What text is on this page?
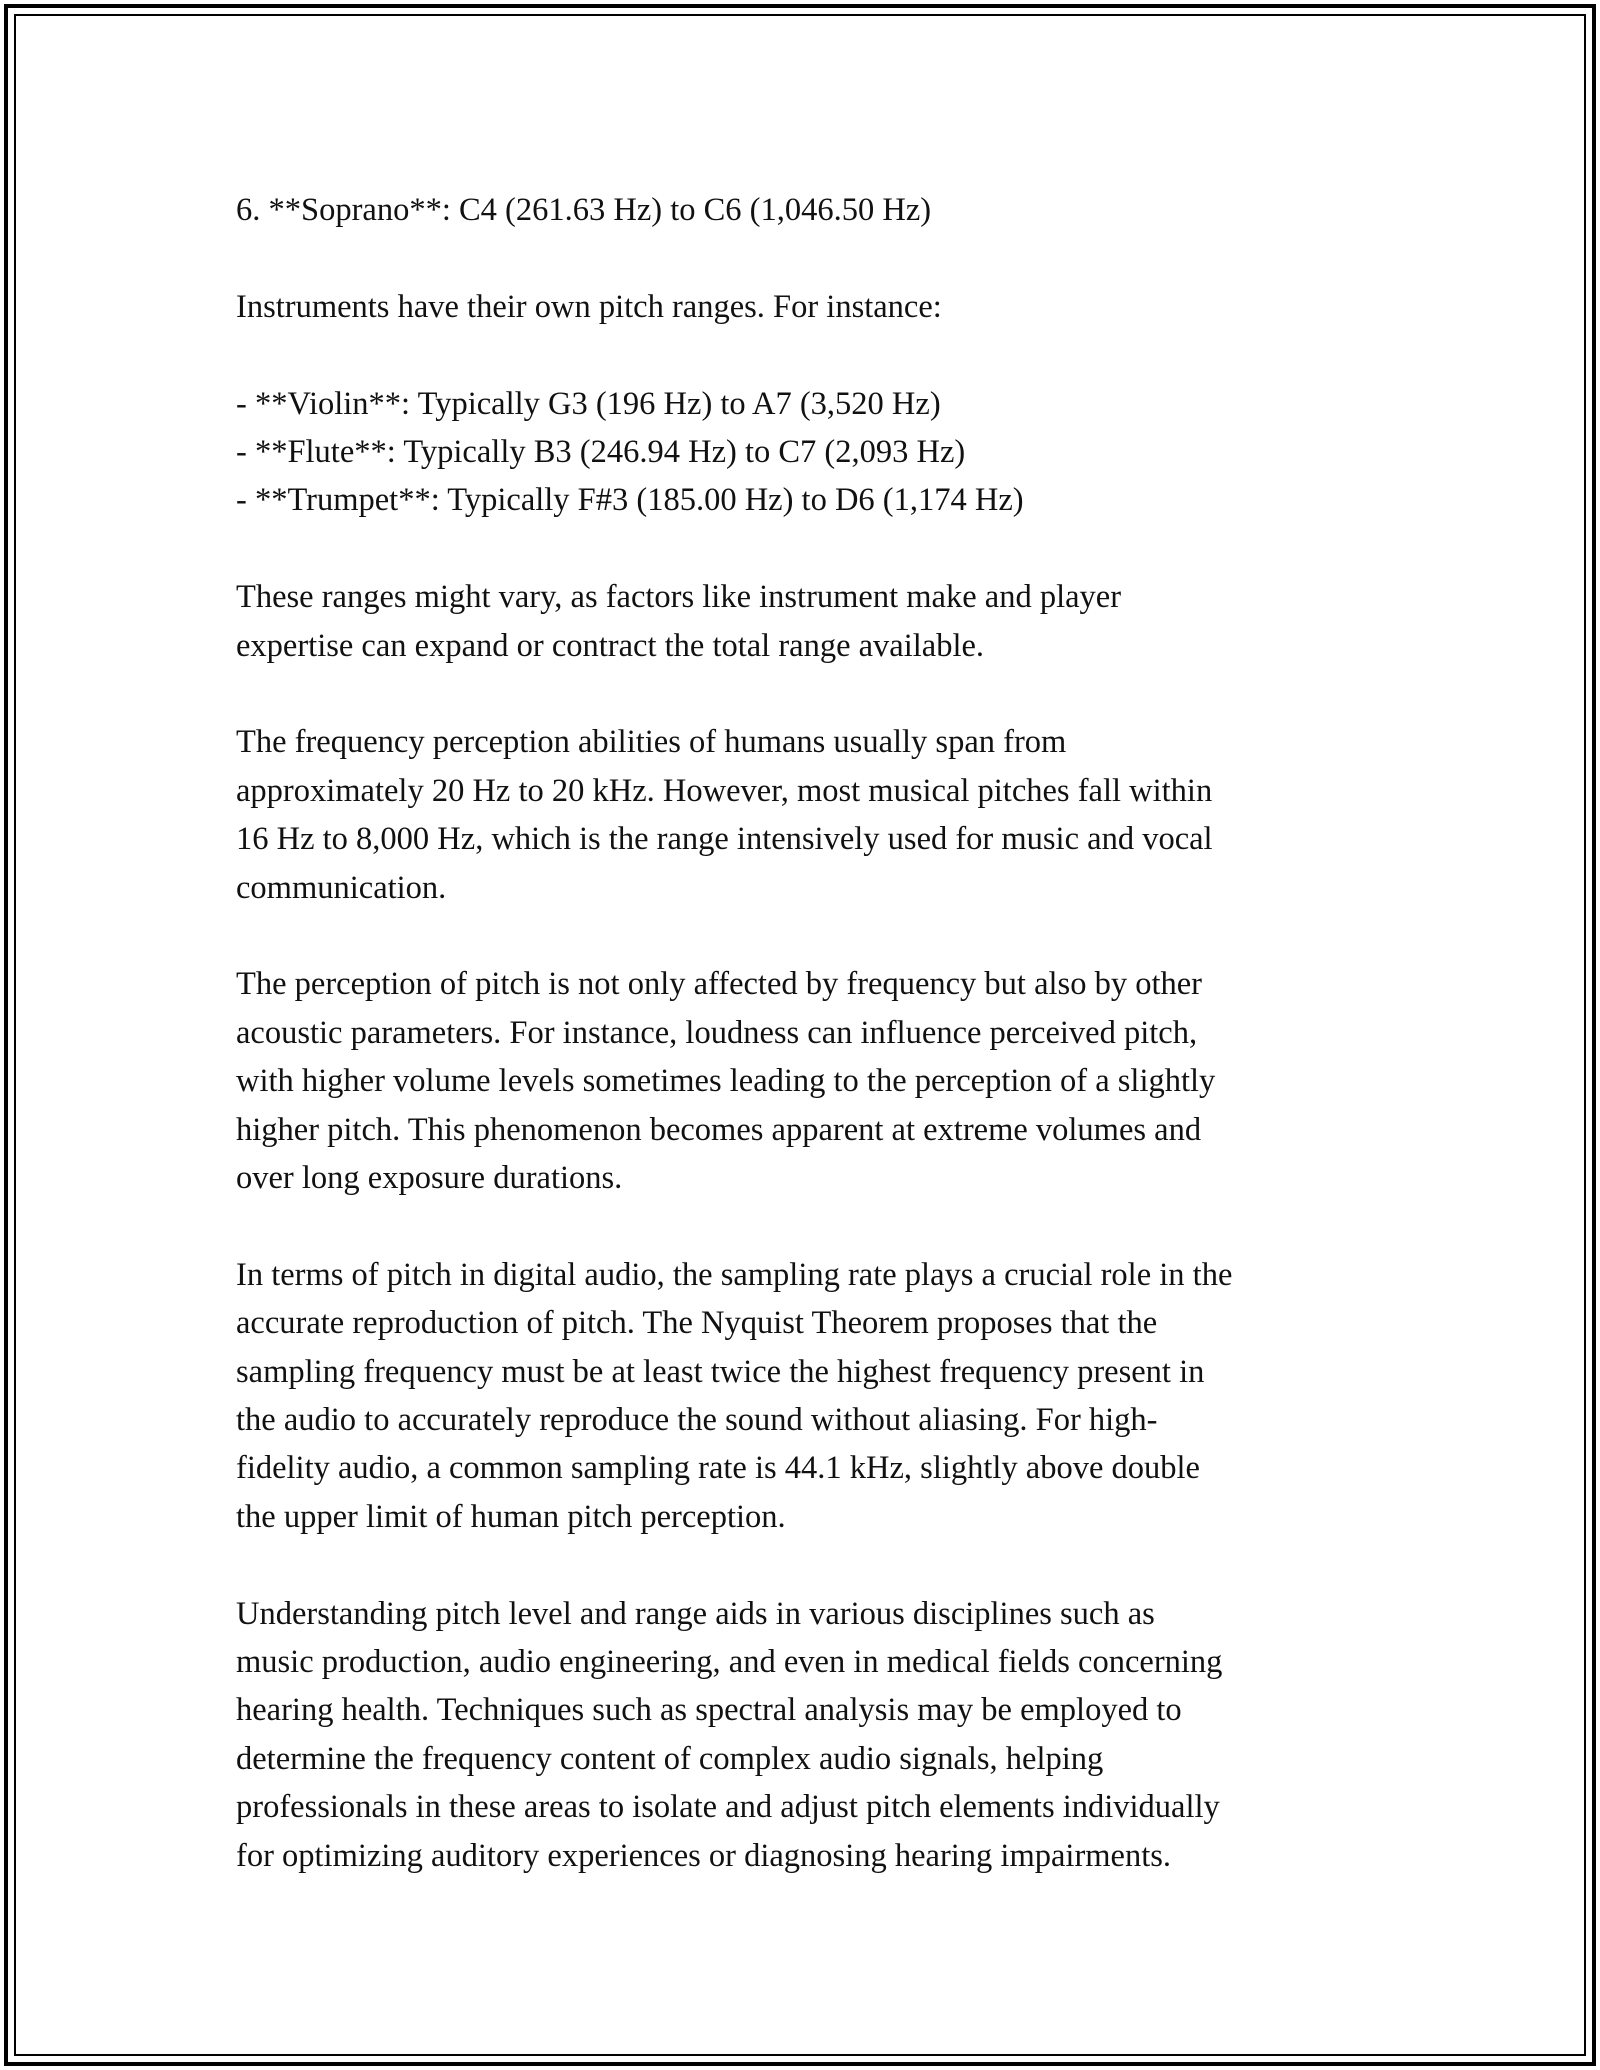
6. **Soprano**: C4 (261.63 Hz) to C6 (1,046.50 Hz)

Instruments have their own pitch ranges. For instance:

- **Violin**: Typically G3 (196 Hz) to A7 (3,520 Hz)

- **Flute**: Typically B3 (246.94 Hz) to C7 (2,093 Hz)

- **Trumpet**: Typically F#3 (185.00 Hz) to D6 (1,174 Hz)

These ranges might vary, as factors like instrument make and player
expertise can expand or contract the total range available.

The frequency perception abilities of humans usually span from
approximately 20 Hz to 20 kHz. However, most musical pitches fall within
16 Hz to 8,000 Hz, which is the range intensively used for music and vocal
communication.

The perception of pitch is not only affected by frequency but also by other
acoustic parameters. For instance, loudness can influence perceived pitch,
with higher volume levels sometimes leading to the perception of a slightly
higher pitch. This phenomenon becomes apparent at extreme volumes and
over long exposure durations.

In terms of pitch in digital audio, the sampling rate plays a crucial role in the
accurate reproduction of pitch. The Nyquist Theorem proposes that the
sampling frequency must be at least twice the highest frequency present in
the audio to accurately reproduce the sound without aliasing. For high-
fidelity audio, a common sampling rate is 44.1 kHz, slightly above double
the upper limit of human pitch perception.

Understanding pitch level and range aids in various disciplines such as
music production, audio engineering, and even in medical fields concerning
hearing health. Techniques such as spectral analysis may be employed to
determine the frequency content of complex audio signals, helping
professionals in these areas to isolate and adjust pitch elements individually
for optimizing auditory experiences or diagnosing hearing impairments.
